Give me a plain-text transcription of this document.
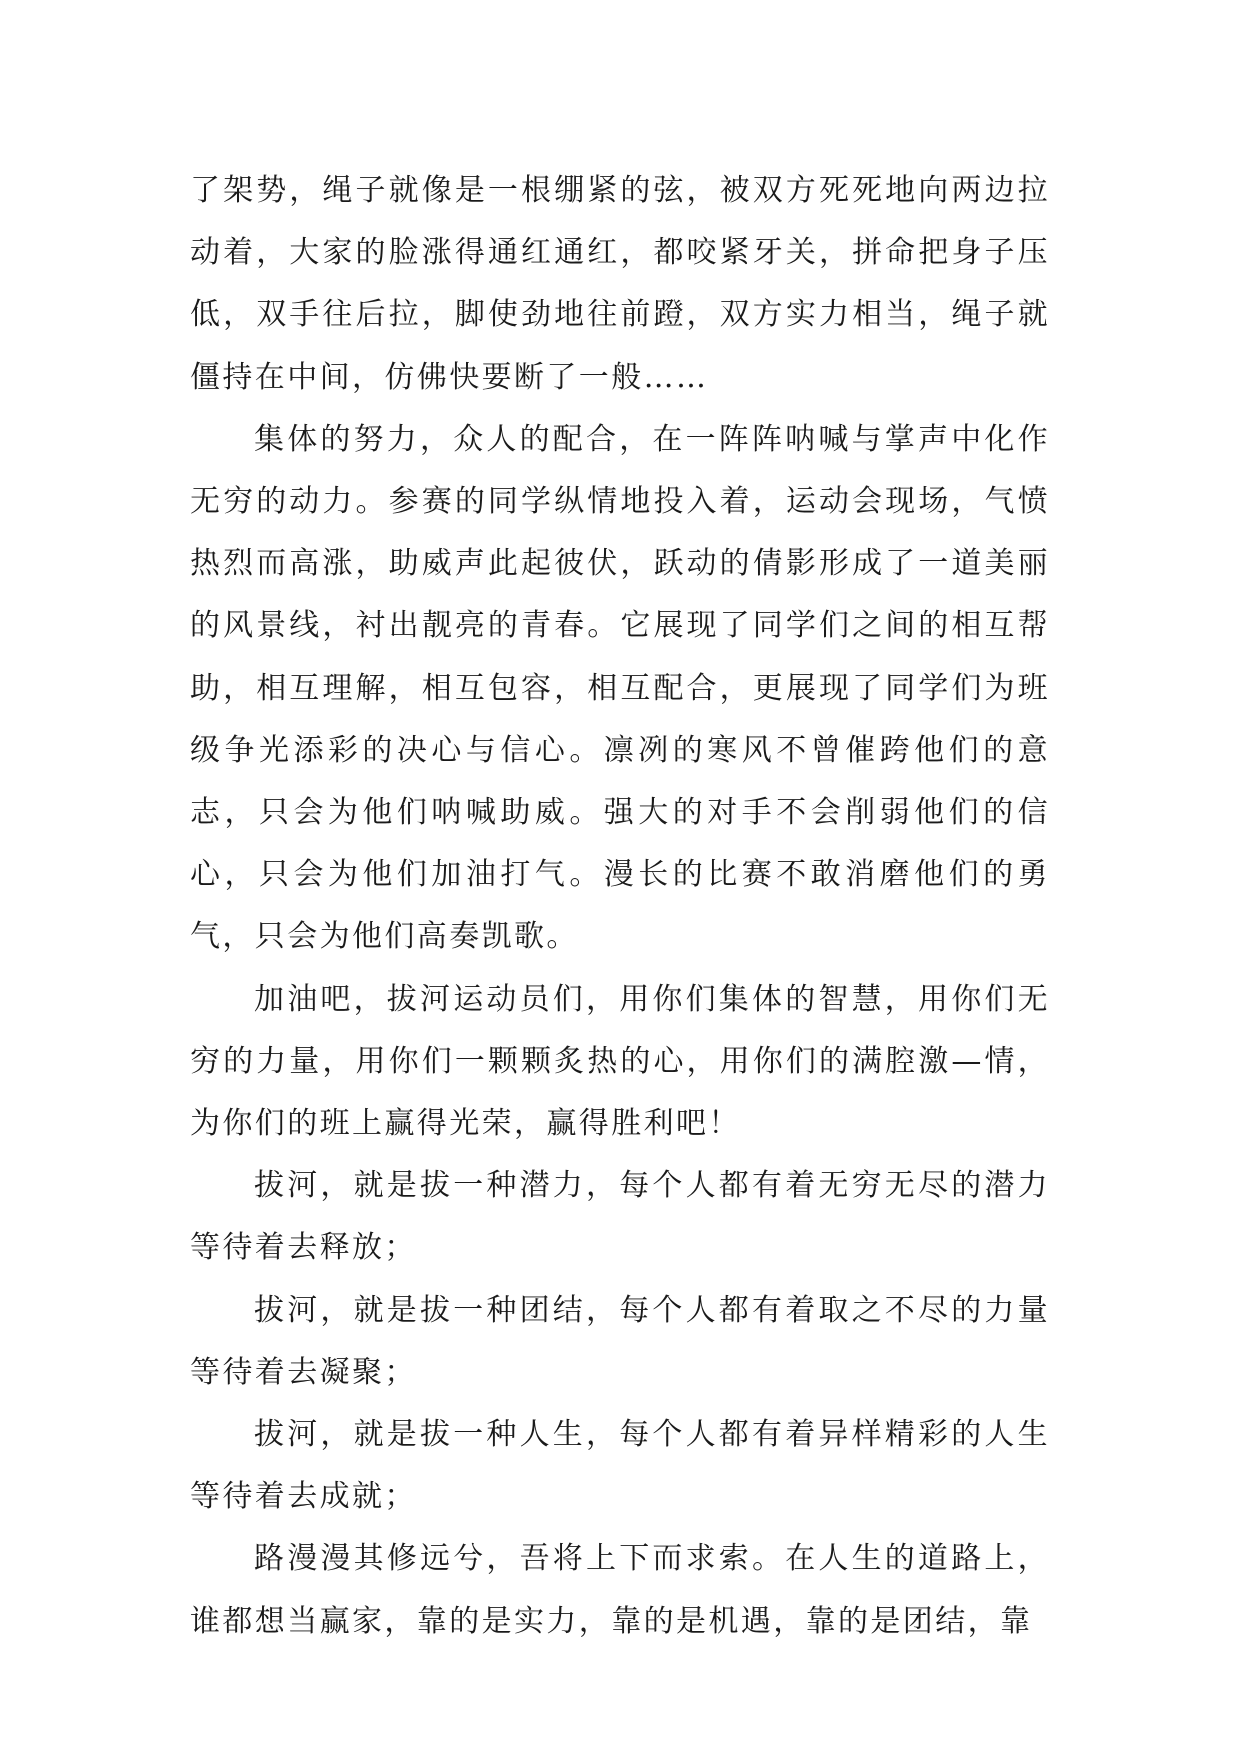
了架势，绳子就像是一根绷紧的弦，被双方死死地向两边拉动着，大家的脸涨得通红通红，都咬紧牙关，拼命把身子压低，双手往后拉，脚使劲地往前蹬，双方实力相当，绳子就僵持在中间，仿佛快要断了一般……

集体的努力，众人的配合，在一阵阵呐喊与掌声中化作无穷的动力。参赛的同学纵情地投入着，运动会现场，气愤热烈而高涨，助威声此起彼伏，跃动的倩影形成了一道美丽的风景线，衬出靓亮的青春。它展现了同学们之间的相互帮助，相互理解，相互包容，相互配合，更展现了同学们为班级争光添彩的决心与信心。凛冽的寒风不曾催跨他们的意志，只会为他们呐喊助威。强大的对手不会削弱他们的信心，只会为他们加油打气。漫长的比赛不敢消磨他们的勇气，只会为他们高奏凯歌。

加油吧，拔河运动员们，用你们集体的智慧，用你们无穷的力量，用你们一颗颗炙热的心，用你们的满腔激—情，为你们的班上赢得光荣，赢得胜利吧！

拔河，就是拔一种潜力，每个人都有着无穷无尽的潜力等待着去释放；

拔河，就是拔一种团结，每个人都有着取之不尽的力量等待着去凝聚；

拔河，就是拔一种人生，每个人都有着异样精彩的人生等待着去成就；

路漫漫其修远兮，吾将上下而求索。在人生的道路上，谁都想当赢家，靠的是实力，靠的是机遇，靠的是团结，靠
